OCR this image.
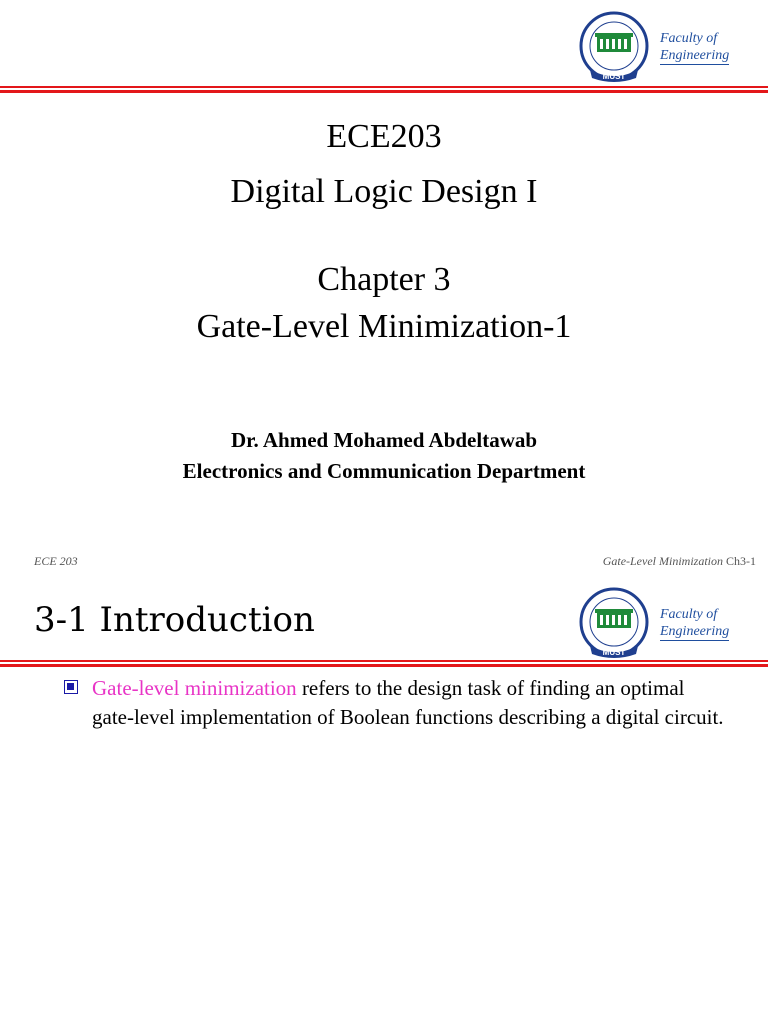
MUST
Faculty of
Engineering
ECE203
Digital Logic Design I
Chapter 3
Gate-Level Minimization-1
Dr. Ahmed Mohamed Abdeltawab
Electronics and Communication Department
ECE 203	Gate-Level Minimization Ch3-1
3-1 Introduction
MUST
Faculty of
Engineering
Gate-level minimization refers to the design task of finding an optimal gate-level implementation of Boolean functions describing a digital circuit.
